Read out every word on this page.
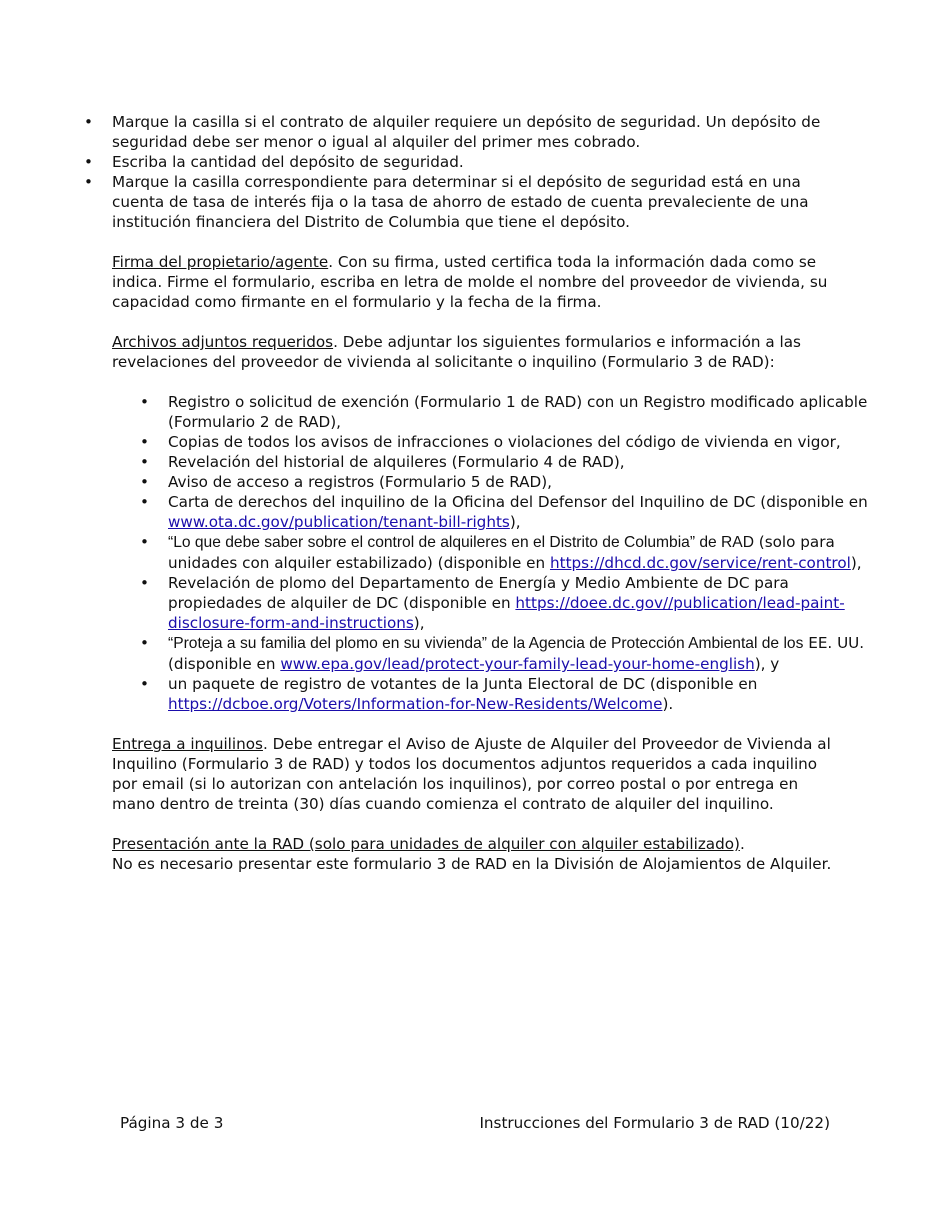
• Marque la casilla si el contrato de alquiler requiere un depósito de seguridad. Un depósito de seguridad debe ser menor o igual al alquiler del primer mes cobrado.
• Escriba la cantidad del depósito de seguridad.
• Marque la casilla correspondiente para determinar si el depósito de seguridad está en una cuenta de tasa de interés fija o la tasa de ahorro de estado de cuenta prevaleciente de una institución financiera del Distrito de Columbia que tiene el depósito.

Firma del propietario/agente. Con su firma, usted certifica toda la información dada como se indica. Firme el formulario, escriba en letra de molde el nombre del proveedor de vivienda, su capacidad como firmante en el formulario y la fecha de la firma.

Archivos adjuntos requeridos. Debe adjuntar los siguientes formularios e información a las revelaciones del proveedor de vivienda al solicitante o inquilino (Formulario 3 de RAD):

• Registro o solicitud de exención (Formulario 1 de RAD) con un Registro modificado aplicable (Formulario 2 de RAD),
• Copias de todos los avisos de infracciones o violaciones del código de vivienda en vigor,
• Revelación del historial de alquileres (Formulario 4 de RAD),
• Aviso de acceso a registros (Formulario 5 de RAD),
• Carta de derechos del inquilino de la Oficina del Defensor del Inquilino de DC (disponible en www.ota.dc.gov/publication/tenant-bill-rights),
• “Lo que debe saber sobre el control de alquileres en el Distrito de Columbia” de RAD (solo para unidades con alquiler estabilizado) (disponible en https://dhcd.dc.gov/service/rent-control),
• Revelación de plomo del Departamento de Energía y Medio Ambiente de DC para propiedades de alquiler de DC (disponible en https://doee.dc.gov//publication/lead-paint-disclosure-form-and-instructions),
• “Proteja a su familia del plomo en su vivienda” de la Agencia de Protección Ambiental de los EE. UU. (disponible en www.epa.gov/lead/protect-your-family-lead-your-home-english), y
• un paquete de registro de votantes de la Junta Electoral de DC (disponible en https://dcboe.org/Voters/Information-for-New-Residents/Welcome).

Entrega a inquilinos. Debe entregar el Aviso de Ajuste de Alquiler del Proveedor de Vivienda al Inquilino (Formulario 3 de RAD) y todos los documentos adjuntos requeridos a cada inquilino por email (si lo autorizan con antelación los inquilinos), por correo postal o por entrega en mano dentro de treinta (30) días cuando comienza el contrato de alquiler del inquilino.

Presentación ante la RAD (solo para unidades de alquiler con alquiler estabilizado).
No es necesario presentar este formulario 3 de RAD en la División de Alojamientos de Alquiler.

Página 3 de 3	Instrucciones del Formulario 3 de RAD (10/22)
